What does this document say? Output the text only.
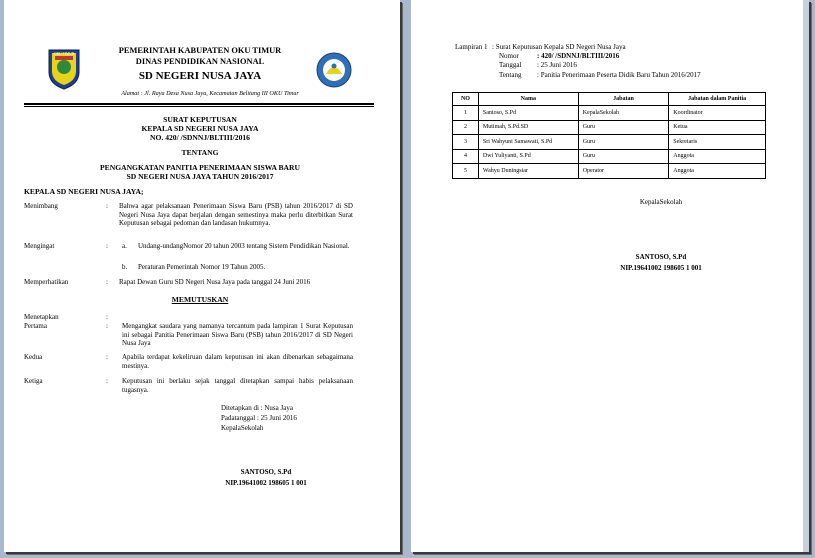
OKU TIMUR	PEMERINTAH KABUPATEN OKU TIMUR
DINAS PENDIDIKAN NASIONAL
SD NEGERI NUSA JAYA
Alamat : Jl. Raya Desa Nusa Jaya, Kecamatan Belitang III OKU Timur
SURAT KEPUTUSAN
KEPALA SD NEGERI NUSA JAYA
NO. 420/ /SDNNJ/BLTIII/2016
TENTANG
PENGANGKATAN PANITIA PENERIMAAN SISWA BARU
SD NEGERI NUSA JAYA TAHUN 2016/2017
KEPALA SD NEGERI NUSA JAYA;
Menimbang	: Bahwa agar pelaksanaan Penerimaan Siswa Baru (PSB) tahun 2016/2017 di SD Negeri Nusa Jaya dapat berjalan dengan semestinya maka perlu diterbitkan Surat Keputusan sebagai pedoman dan landasan hukumnya.
Mengingat	: a. Undang-undangNomor 20 tahun 2003 tentang Sistem Pendidikan Nasional.
b. Peraturan Pemerintah Nomor 19 Tahun 2005.
Memperhatikan	: Rapat Dewan Guru SD Negeri Nusa Jaya pada tanggal 24 Juni 2016
MEMUTUSKAN
Menetapkan	:
Pertama	: Mengangkat saudara yang namanya tercantum pada lampiran 1 Surat Keputusan ini sebagai Panitia Penerimaan Siswa Baru (PSB) tahun 2016/2017 di SD Negeri Nusa Jaya
Kedua	: Apabila terdapat kekeliruan dalam keputusan ini akan dibenarkan sebagaimana mestinya.
Ketiga	: Keputusan ini berlaku sejak tanggal ditetapkan sampai habis pelaksanaan tugasnya.
Ditetapkan di : Nusa Jaya
Padatanggal : 25 Juni 2016
KepalaSekolah
SANTOSO, S.Pd
NIP.19641002 198605 1 001
Lampiran 1 : Surat Keputusan Kepala SD Negeri Nusa Jaya
Nomor	: 420/ /SDNNJ/BLTIII/2016
Tanggal : 25 Juni 2016
Tentang : Panitia Penerimaan Peserta Didik Baru Tahun 2016/2017
NO	Nama	Jabatan	Jabatan dalam Panitia
1	Santoso, S.Pd	KepalaSekolah	Koordinator
2	Mutimah, S.Pd.SD	Guru	Ketua
3	Sri Wahyuni Samawati, S.Pd	Guru	Sekretaris
4	Dwi Yuliyanti, S.Pd	Guru	Anggota
5	Wahyu Duningsiar	Operator	Anggota
KepalaSekolah
SANTOSO, S.Pd
NIP.19641002 198605 1 001
